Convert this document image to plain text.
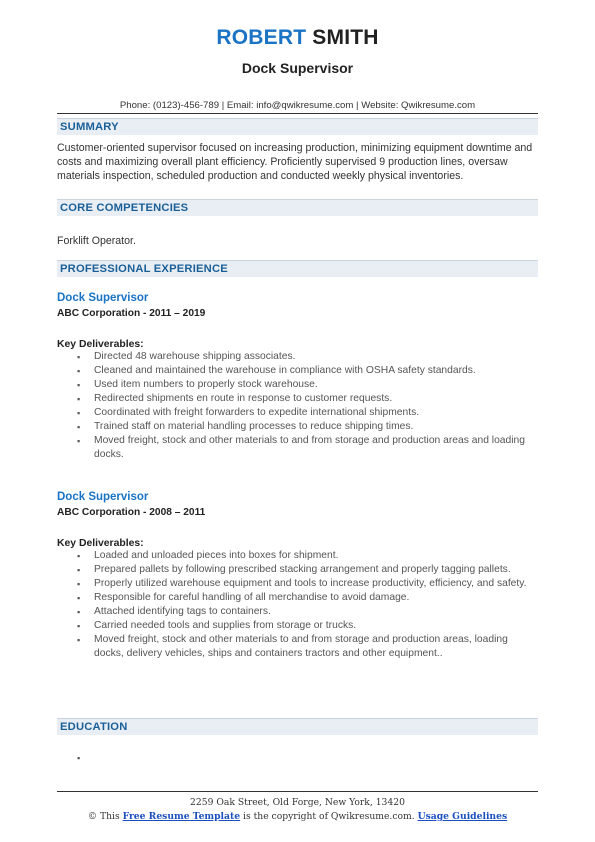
ROBERT SMITH
Dock Supervisor
Phone: (0123)-456-789 | Email: info@qwikresume.com | Website: Qwikresume.com
SUMMARY
Customer-oriented supervisor focused on increasing production, minimizing equipment downtime and costs and maximizing overall plant efficiency. Proficiently supervised 9 production lines, oversaw materials inspection, scheduled production and conducted weekly physical inventories.
CORE COMPETENCIES
Forklift Operator.
PROFESSIONAL EXPERIENCE
Dock Supervisor
ABC Corporation - 2011 – 2019
Key Deliverables:
▪ Directed 48 warehouse shipping associates.
▪ Cleaned and maintained the warehouse in compliance with OSHA safety standards.
▪ Used item numbers to properly stock warehouse.
▪ Redirected shipments en route in response to customer requests.
▪ Coordinated with freight forwarders to expedite international shipments.
▪ Trained staff on material handling processes to reduce shipping times.
▪ Moved freight, stock and other materials to and from storage and production areas and loading docks.
Dock Supervisor
ABC Corporation - 2008 – 2011
Key Deliverables:
▪ Loaded and unloaded pieces into boxes for shipment.
▪ Prepared pallets by following prescribed stacking arrangement and properly tagging pallets.
▪ Properly utilized warehouse equipment and tools to increase productivity, efficiency, and safety.
▪ Responsible for careful handling of all merchandise to avoid damage.
▪ Attached identifying tags to containers.
▪ Carried needed tools and supplies from storage or trucks.
▪ Moved freight, stock and other materials to and from storage and production areas, loading docks, delivery vehicles, ships and containers tractors and other equipment..
EDUCATION
2259 Oak Street, Old Forge, New York, 13420
© This Free Resume Template is the copyright of Qwikresume.com. Usage Guidelines
